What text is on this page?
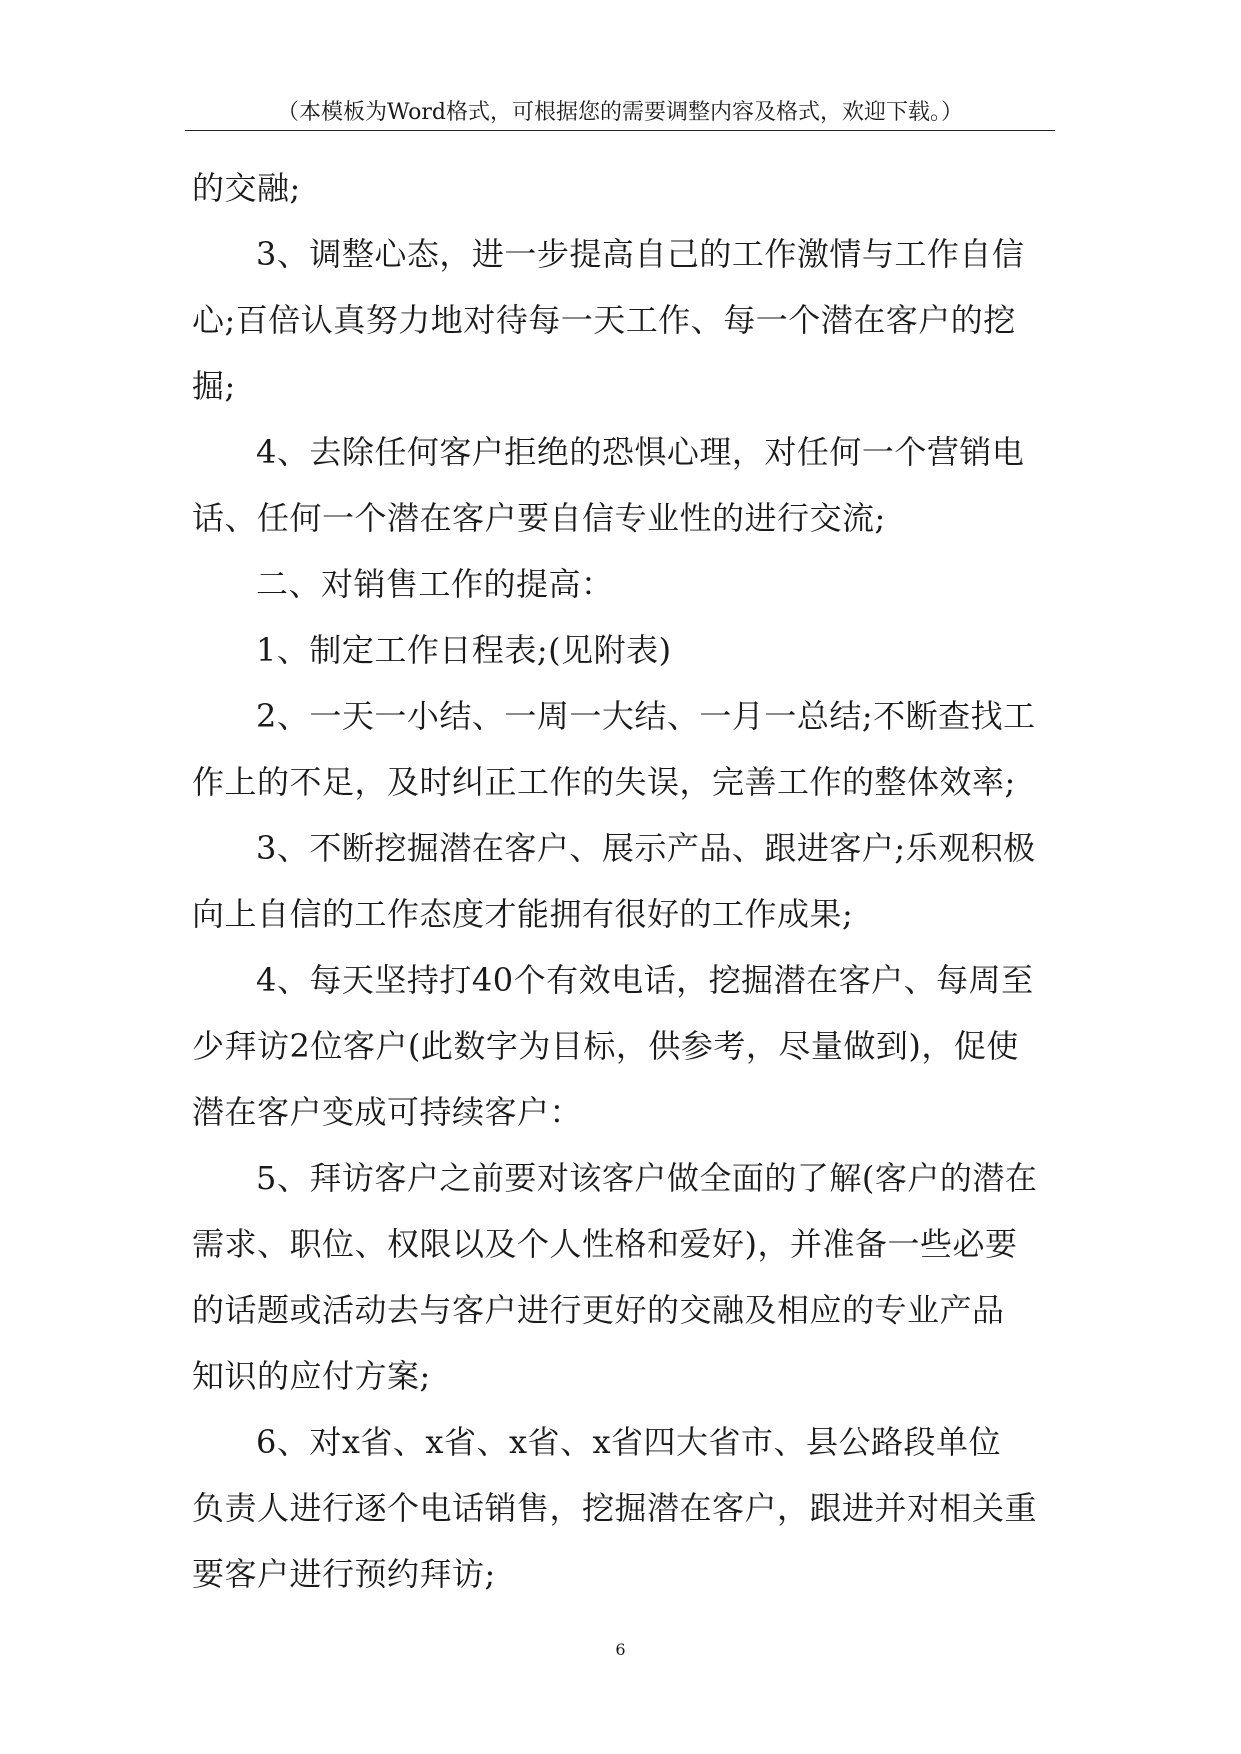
（本模板为Word格式，可根据您的需要调整内容及格式，欢迎下载。）
的交融;
3、调整心态，进一步提高自己的工作激情与工作自信
心;百倍认真努力地对待每一天工作、每一个潜在客户的挖
掘;
4、去除任何客户拒绝的恐惧心理，对任何一个营销电
话、任何一个潜在客户要自信专业性的进行交流;
二、对销售工作的提高：
1、制定工作日程表;(见附表)
2、一天一小结、一周一大结、一月一总结;不断查找工
作上的不足，及时纠正工作的失误，完善工作的整体效率;
3、不断挖掘潜在客户、展示产品、跟进客户;乐观积极
向上自信的工作态度才能拥有很好的工作成果;
4、每天坚持打40个有效电话，挖掘潜在客户、每周至
少拜访2位客户(此数字为目标，供参考，尽量做到)，促使
潜在客户变成可持续客户：
5、拜访客户之前要对该客户做全面的了解(客户的潜在
需求、职位、权限以及个人性格和爱好)，并准备一些必要
的话题或活动去与客户进行更好的交融及相应的专业产品
知识的应付方案;
6、对x省、x省、x省、x省四大省市、县公路段单位
负责人进行逐个电话销售，挖掘潜在客户，跟进并对相关重
要客户进行预约拜访;
6
